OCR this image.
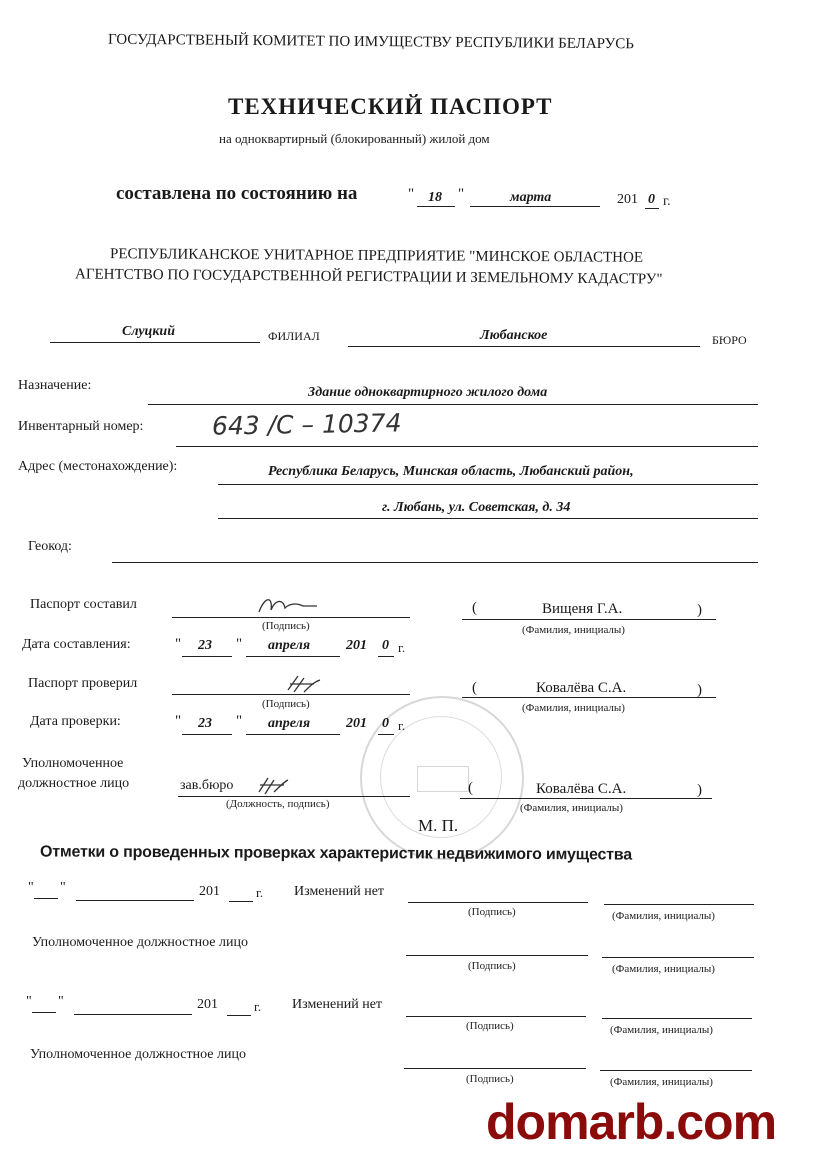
ГОСУДАРСТВЕНЫЙ КОМИТЕТ ПО ИМУЩЕСТВУ РЕСПУБЛИКИ БЕЛАРУСЬ
ТЕХНИЧЕСКИЙ ПАСПОРТ
на одноквартирный (блокированный) жилой дом
составлена по состоянию на	" 18 "	марта	201 0 г.
РЕСПУБЛИКАНСКОЕ УНИТАРНОЕ ПРЕДПРИЯТИЕ "МИНСКОЕ ОБЛАСТНОЕ
АГЕНТСТВО ПО ГОСУДАРСТВЕННОЙ РЕГИСТРАЦИИ И ЗЕМЕЛЬНОМУ КАДАСТРУ"
Слуцкий	ФИЛИАЛ	Любанское	БЮРО
Назначение:	Здание одноквартирного жилого дома
Инвентарный номер:	643 /С – 10374
Адрес (местонахождение):	Республика Беларусь, Минская область, Любанский район,
г. Любань, ул. Советская, д. 34
Геокод:
Паспорт составил
(Подпись)
(	Вищеня Г.А.	)
(Фамилия, инициалы)
Дата составления:	" 23 " апреля	201 0 г.
Паспорт проверил
(Подпись)
(	Ковалёва С.А.	)
(Фамилия, инициалы)
Дата проверки:	" 23 " апреля	201 0 г.
Уполномоченное
должностное лицо	зав.бюро
(Должность, подпись)
(	Ковалёва С.А.	)
(Фамилия, инициалы)
М. П.
Отметки о проведенных проверках характеристик недвижимого имущества
" "	201	г. Изменений нет
(Подпись)	(Фамилия, инициалы)
Уполномоченное должностное лицо
(Подпись)	(Фамилия, инициалы)
" "	201	г. Изменений нет
(Подпись)	(Фамилия, инициалы)
Уполномоченное должностное лицо
(Подпись)	(Фамилия, инициалы)
domarb.com
